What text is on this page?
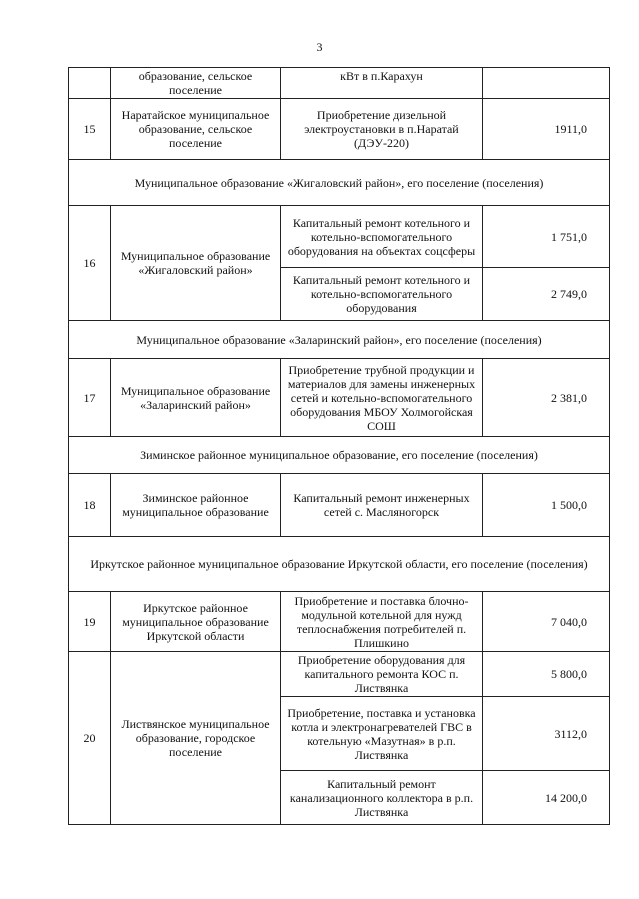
3
	образование, сельское поселение	кВт в п.Карахун	
15	Наратайское муниципальное образование, сельское поселение	Приобретение дизельной электроустановки в п.Наратай (ДЭУ-220)	1911,0
Муниципальное образование «Жигаловский район», его поселение (поселения)			
16	Муниципальное образование «Жигаловский район»	Капитальный ремонт котельного и котельно-вспомогательного оборудования на объектах соцсферы	1 751,0
		Капитальный ремонт котельного и котельно-вспомогательного оборудования	2 749,0
Муниципальное образование «Заларинский район», его поселение (поселения)			
17	Муниципальное образование «Заларинский район»	Приобретение трубной продукции и материалов для замены инженерных сетей и котельно-вспомогательного оборудования МБОУ Холмогойская СОШ	2 381,0
Зиминское районное муниципальное образование, его поселение (поселения)			
18	Зиминское районное муниципальное образование	Капитальный ремонт инженерных сетей с. Масляногорск	1 500,0
Иркутское районное муниципальное образование Иркутской области, его поселение (поселения)			
19	Иркутское районное муниципальное образование Иркутской области	Приобретение и поставка блочно-модульной котельной для нужд теплоснабжения потребителей п. Плишкино	7 040,0
20	Листвянское муниципальное образование, городское поселение	Приобретение оборудования для капитального ремонта КОС п. Листвянка	5 800,0
		Приобретение, поставка и установка котла и электронагревателей ГВС в котельную «Мазутная» в р.п. Листвянка	3112,0
		Капитальный ремонт канализационного коллектора в р.п. Листвянка	14 200,0
